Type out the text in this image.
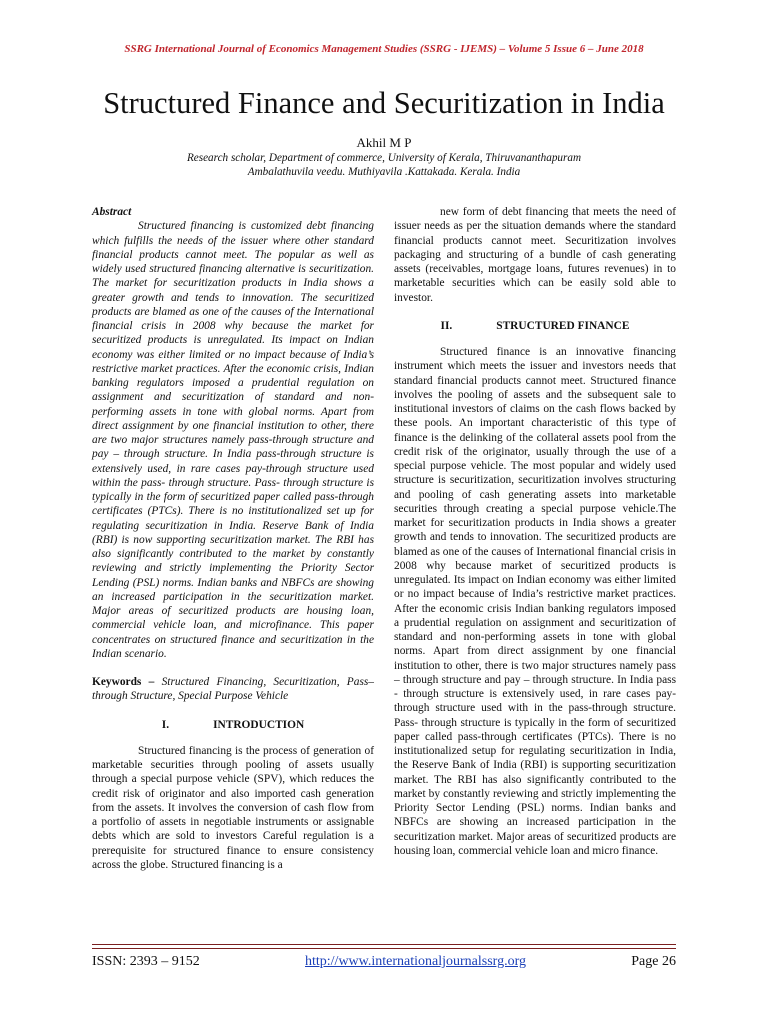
SSRG International Journal of Economics Management Studies (SSRG - IJEMS) – Volume 5 Issue 6 – June 2018
Structured Finance and Securitization in India
Akhil M P
Research scholar, Department of commerce, University of Kerala, Thiruvananthapuram
Ambalathuvila veedu. Muthiyavila .Kattakada. Kerala. India

Abstract

Structured financing is customized debt financing which fulfills the needs of the issuer where other standard financial products cannot meet. The popular as well as widely used structured financing alternative is securitization. The market for securitization products in India shows a greater growth and tends to innovation. The securitized products are blamed as one of the causes of the International financial crisis in 2008 why because the market for securitized products is unregulated. Its impact on Indian economy was either limited or no impact because of India’s restrictive market practices. After the economic crisis, Indian banking regulators imposed a prudential regulation on assignment and securitization of standard and non-performing assets in tone with global norms. Apart from direct assignment by one financial institution to other, there are two major structures namely pass-through structure and pay – through structure. In India pass-through structure is extensively used, in rare cases pay-through structure used within the pass- through structure. Pass- through structure is typically in the form of securitized paper called pass-through certificates (PTCs). There is no institutionalized set up for regulating securitization in India. Reserve Bank of India (RBI) is now supporting securitization market. The RBI has also significantly contributed to the market by constantly reviewing and strictly implementing the Priority Sector Lending (PSL) norms. Indian banks and NBFCs are showing an increased participation in the securitization market. Major areas of securitized products are housing loan, commercial vehicle loan, and microfinance. This paper concentrates on structured finance and securitization in the Indian scenario.

Keywords – Structured Financing, Securitization, Pass–through Structure, Special Purpose Vehicle

I.	INTRODUCTION

Structured financing is the process of generation of marketable securities through pooling of assets usually through a special purpose vehicle (SPV), which reduces the credit risk of originator and also imported cash generation from the assets. It involves the conversion of cash flow from a portfolio of assets in negotiable instruments or assignable debts which are sold to investors Careful regulation is a prerequisite for structured finance to ensure consistency across the globe. Structured financing is a

new form of debt financing that meets the need of issuer needs as per the situation demands where the standard financial products cannot meet. Securitization involves packaging and structuring of a bundle of cash generating assets (receivables, mortgage loans, futures revenues) in to marketable securities which can be easily sold able to investor.

II.	STRUCTURED FINANCE

Structured finance is an innovative financing instrument which meets the issuer and investors needs that standard financial products cannot meet. Structured finance involves the pooling of assets and the subsequent sale to institutional investors of claims on the cash flows backed by these pools. An important characteristic of this type of finance is the delinking of the collateral assets pool from the credit risk of the originator, usually through the use of a special purpose vehicle. The most popular and widely used structure is securitization, securitization involves structuring and pooling of cash generating assets into marketable securities through creating a special purpose vehicle.The market for securitization products in India shows a greater growth and tends to innovation. The securitized products are blamed as one of the causes of International financial crisis in 2008 why because market of securitized products is unregulated. Its impact on Indian economy was either limited or no impact because of India’s restrictive market practices. After the economic crisis Indian banking regulators imposed a prudential regulation on assignment and securitization of standard and non-performing assets in tone with global norms. Apart from direct assignment by one financial institution to other, there is two major structures namely pass – through structure and pay – through structure. In India pass - through structure is extensively used, in rare cases pay-through structure used with in the pass-through structure. Pass- through structure is typically in the form of securitized paper called pass-through certificates (PTCs). There is no institutionalized setup for regulating securitization in India, the Reserve Bank of India (RBI) is supporting securitization market. The RBI has also significantly contributed to the market by constantly reviewing and strictly implementing the Priority Sector Lending (PSL) norms. Indian banks and NBFCs are showing an increased participation in the securitization market. Major areas of securitized products are housing loan, commercial vehicle loan and micro finance.

ISSN: 2393 – 9152	http://www.internationaljournalssrg.org	Page 26
